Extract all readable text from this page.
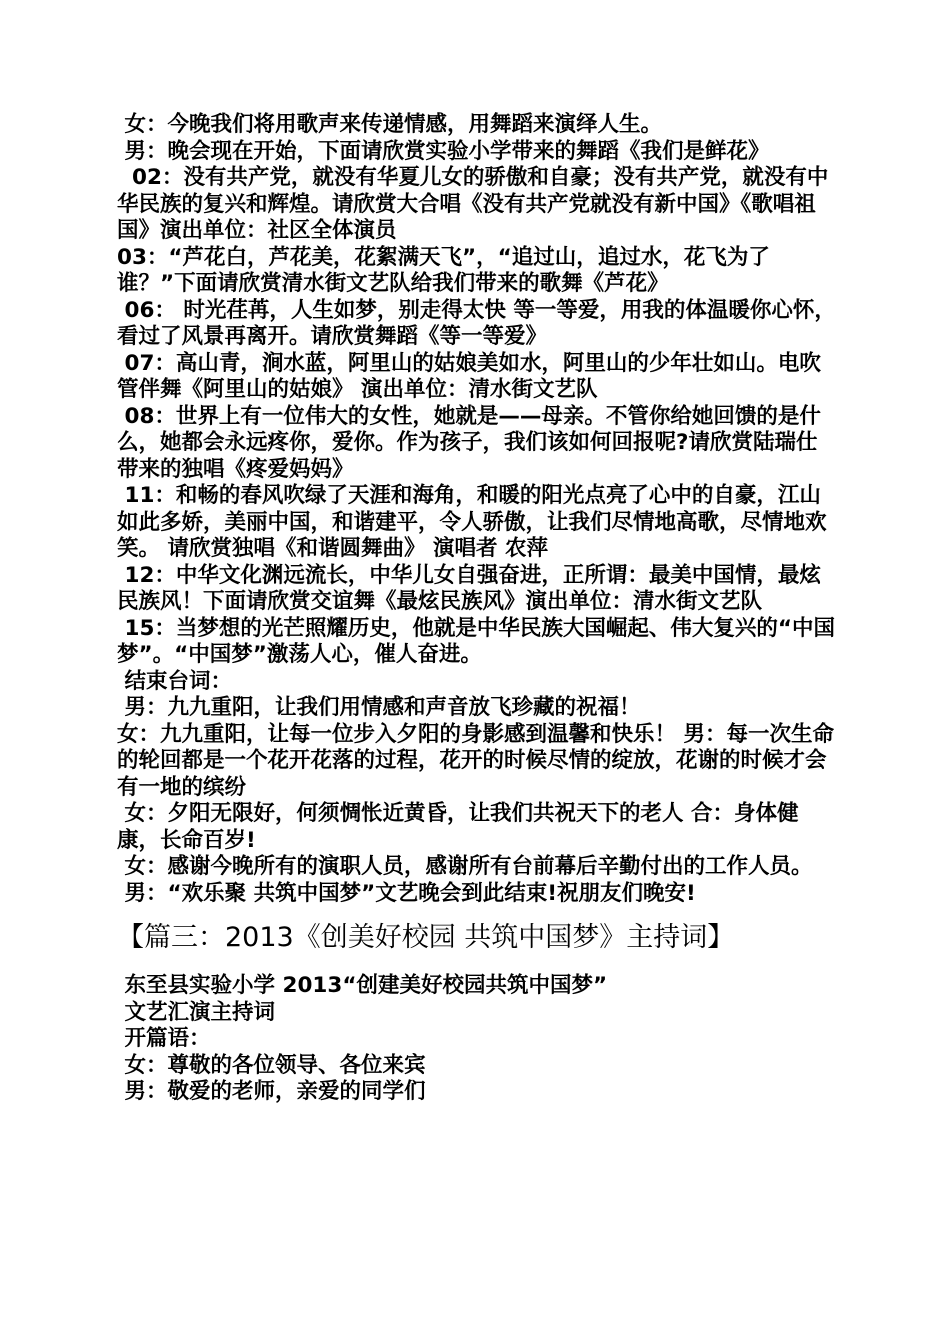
女：今晚我们将用歌声来传递情感，用舞蹈来演绎人生。

男：晚会现在开始，下面请欣赏实验小学带来的舞蹈《我们是鲜花》

02：没有共产党，就没有华夏儿女的骄傲和自豪；没有共产党，就没有中华民族的复兴和辉煌。请欣赏大合唱《没有共产党就没有新中国》《歌唱祖国》演出单位：社区全体演员

03：“芦花白，芦花美，花絮满天飞”，“追过山，追过水，花飞为了谁？”下面请欣赏清水街文艺队给我们带来的歌舞《芦花》

06： 时光荏苒，人生如梦，别走得太快 等一等爱，用我的体温暖你心怀，看过了风景再离开。请欣赏舞蹈《等一等爱》

07：高山青，涧水蓝，阿里山的姑娘美如水，阿里山的少年壮如山。电吹管伴舞《阿里山的姑娘》 演出单位：清水街文艺队

08：世界上有一位伟大的女性，她就是——母亲。不管你给她回馈的是什么，她都会永远疼你，爱你。作为孩子，我们该如何回报呢?请欣赏陆瑞仕带来的独唱《疼爱妈妈》

11：和畅的春风吹绿了天涯和海角，和暖的阳光点亮了心中的自豪，江山如此多娇，美丽中国，和谐建平，令人骄傲，让我们尽情地高歌，尽情地欢笑。 请欣赏独唱《和谐圆舞曲》 演唱者 农萍

12：中华文化渊远流长，中华儿女自强奋进，正所谓：最美中国情，最炫民族风！下面请欣赏交谊舞《最炫民族风》演出单位：清水街文艺队

15：当梦想的光芒照耀历史，他就是中华民族大国崛起、伟大复兴的“中国梦”。“中国梦”激荡人心，催人奋进。

结束台词：

男：九九重阳，让我们用情感和声音放飞珍藏的祝福！

女：九九重阳，让每一位步入夕阳的身影感到温馨和快乐！ 男：每一次生命的轮回都是一个花开花落的过程，花开的时候尽情的绽放，花谢的时候才会有一地的缤纷

女：夕阳无限好，何须惆怅近黄昏，让我们共祝天下的老人 合：身体健康，长命百岁!

女：感谢今晚所有的演职人员，感谢所有台前幕后辛勤付出的工作人员。

男：“欢乐聚 共筑中国梦”文艺晚会到此结束!祝朋友们晚安!

【篇三：2013《创美好校园 共筑中国梦》主持词】

东至县实验小学 2013“创建美好校园共筑中国梦”

文艺汇演主持词

开篇语：

女：尊敬的各位领导、各位来宾

男：敬爱的老师，亲爱的同学们
